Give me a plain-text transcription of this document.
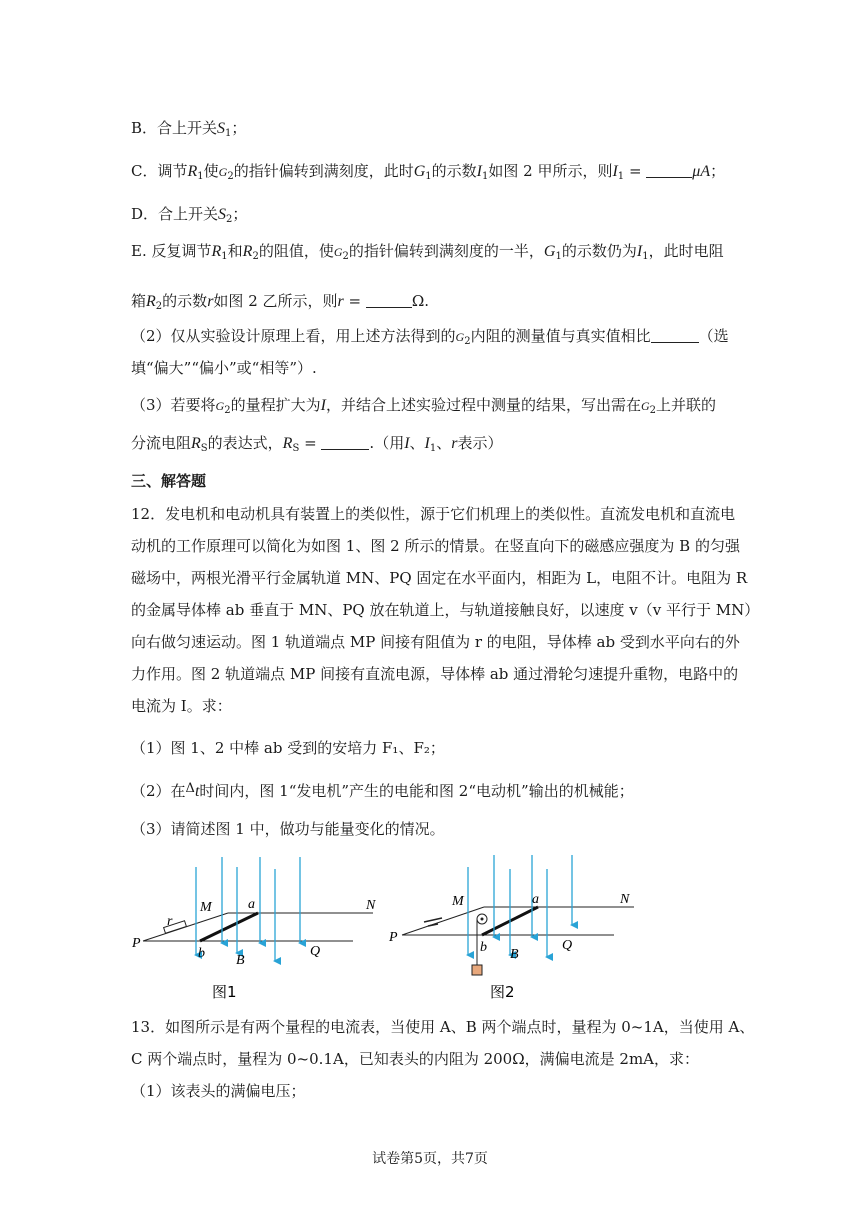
B．合上开关$S_1$；
C．调节$R_1$使$G_2$的指针偏转到满刻度，此时$G_1$的示数$I_1$如图 2 甲所示，则$I_1$ =	μA；
D．合上开关$S_2$；
E. 反复调节$R_1$和$R_2$的阻值，使$G_2$的指针偏转到满刻度的一半，$G_1$的示数仍为$I_1$，此时电阻
箱$R_2$的示数r如图 2 乙所示，则r =	Ω.
（2）仅从实验设计原理上看，用上述方法得到的$G_2$内阻的测量值与真实值相比	（选
填“偏大”“偏小”或“相等”）.
（3）若要将$G_2$的量程扩大为I，并结合上述实验过程中测量的结果，写出需在$G_2$上并联的
分流电阻$R_S$的表达式，$R_S$ =	.（用I、$I_1$、r表示）
三、解答题
12．发电机和电动机具有装置上的类似性，源于它们机理上的类似性。直流发电机和直流电
动机的工作原理可以简化为如图 1、图 2 所示的情景。在竖直向下的磁感应强度为 B 的匀强
磁场中，两根光滑平行金属轨道 MN、PQ 固定在水平面内，相距为 L，电阻不计。电阻为 R
的金属导体棒 ab 垂直于 MN、PQ 放在轨道上，与轨道接触良好，以速度 v（v 平行于 MN）
向右做匀速运动。图 1 轨道端点 MP 间接有阻值为 r 的电阻，导体棒 ab 受到水平向右的外
力作用。图 2 轨道端点 MP 间接有直流电源，导体棒 ab 通过滑轮匀速提升重物，电路中的
电流为 I。求：
（1）图 1、2 中棒 ab 受到的安培力 F₁、F₂；
（2）在Δt时间内，图 1“发电机”产生的电能和图 2“电动机”输出的机械能；
（3）请简述图 1 中，做功与能量变化的情况。
r
M	a	N
P
b B
Q
图1
M	a	N
P
b B
Q
图2
13．如图所示是有两个量程的电流表，当使用 A、B 两个端点时，量程为 0~1A，当使用 A、
C 两个端点时，量程为 0~0.1A，已知表头的内阻为 200Ω，满偏电流是 2mA，求：
（1）该表头的满偏电压；
试卷第5页，共7页
